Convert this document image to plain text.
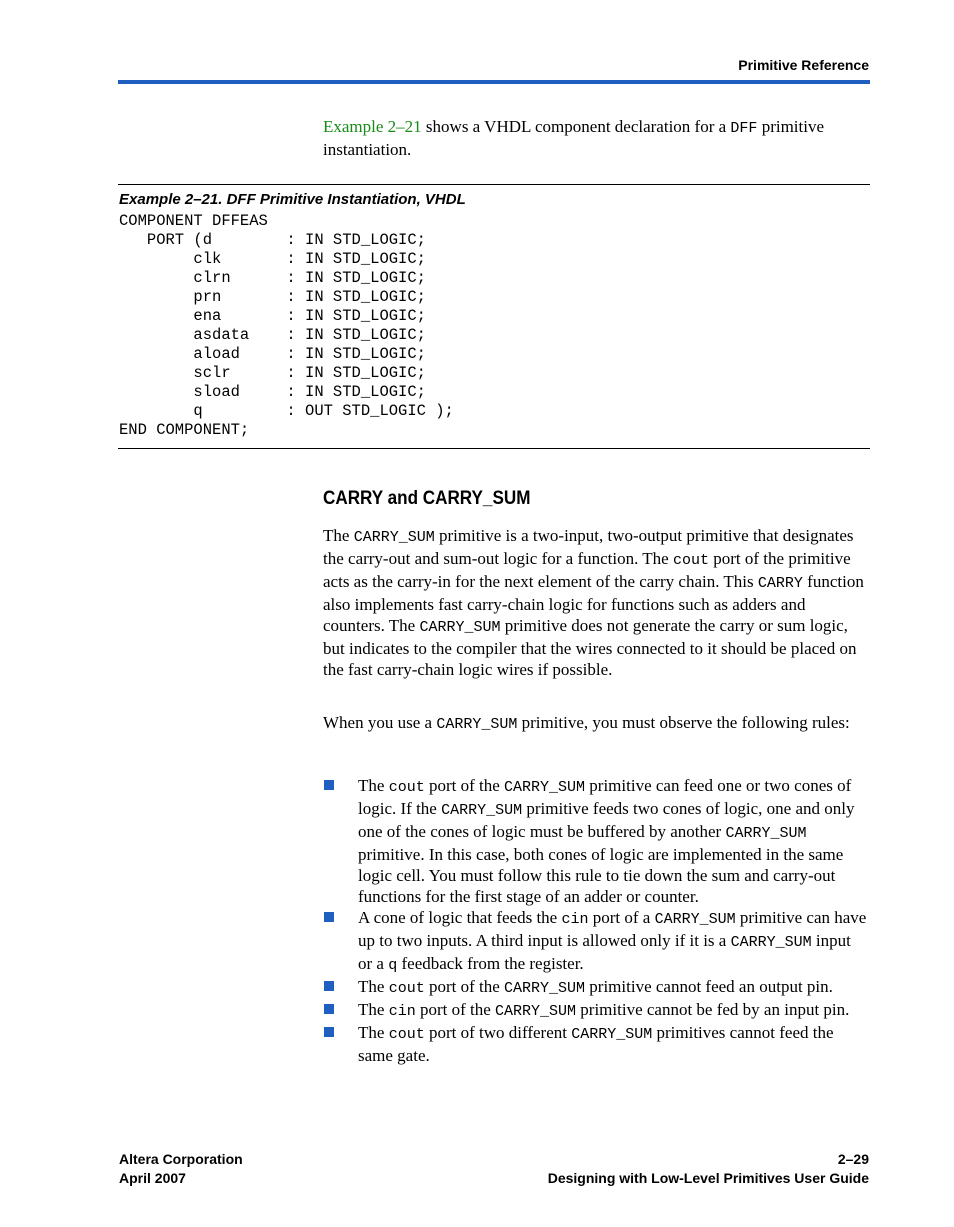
Primitive Reference

Example 2–21 shows a VHDL component declaration for a DFF primitive instantiation.

Example 2–21. DFF Primitive Instantiation, VHDL
COMPONENT DFFEAS
PORT (d        : IN STD_LOGIC;
clk       : IN STD_LOGIC;
clrn      : IN STD_LOGIC;
prn       : IN STD_LOGIC;
ena       : IN STD_LOGIC;
asdata    : IN STD_LOGIC;
aload     : IN STD_LOGIC;
sclr      : IN STD_LOGIC;
sload     : IN STD_LOGIC;
q         : OUT STD_LOGIC );
END COMPONENT;
CARRY and CARRY_SUM

The CARRY_SUM primitive is a two-input, two-output primitive that designates the carry-out and sum-out logic for a function. The cout port of the primitive acts as the carry-in for the next element of the carry chain. This CARRY function also implements fast carry-chain logic for functions such as adders and counters. The CARRY_SUM primitive does not generate the carry or sum logic, but indicates to the compiler that the wires connected to it should be placed on the fast carry-chain logic wires if possible.

When you use a CARRY_SUM primitive, you must observe the following rules:

The cout port of the CARRY_SUM primitive can feed one or two cones of logic. If the CARRY_SUM primitive feeds two cones of logic, one and only one of the cones of logic must be buffered by another CARRY_SUM primitive. In this case, both cones of logic are implemented in the same logic cell. You must follow this rule to tie down the sum and carry-out functions for the first stage of an adder or counter.
A cone of logic that feeds the cin port of a CARRY_SUM primitive can have up to two inputs. A third input is allowed only if it is a CARRY_SUM input or a q feedback from the register.
The cout port of the CARRY_SUM primitive cannot feed an output pin.
The cin port of the CARRY_SUM primitive cannot be fed by an input pin.
The cout port of two different CARRY_SUM primitives cannot feed the same gate.
Altera Corporation
April 2007
2–29
Designing with Low-Level Primitives User Guide
